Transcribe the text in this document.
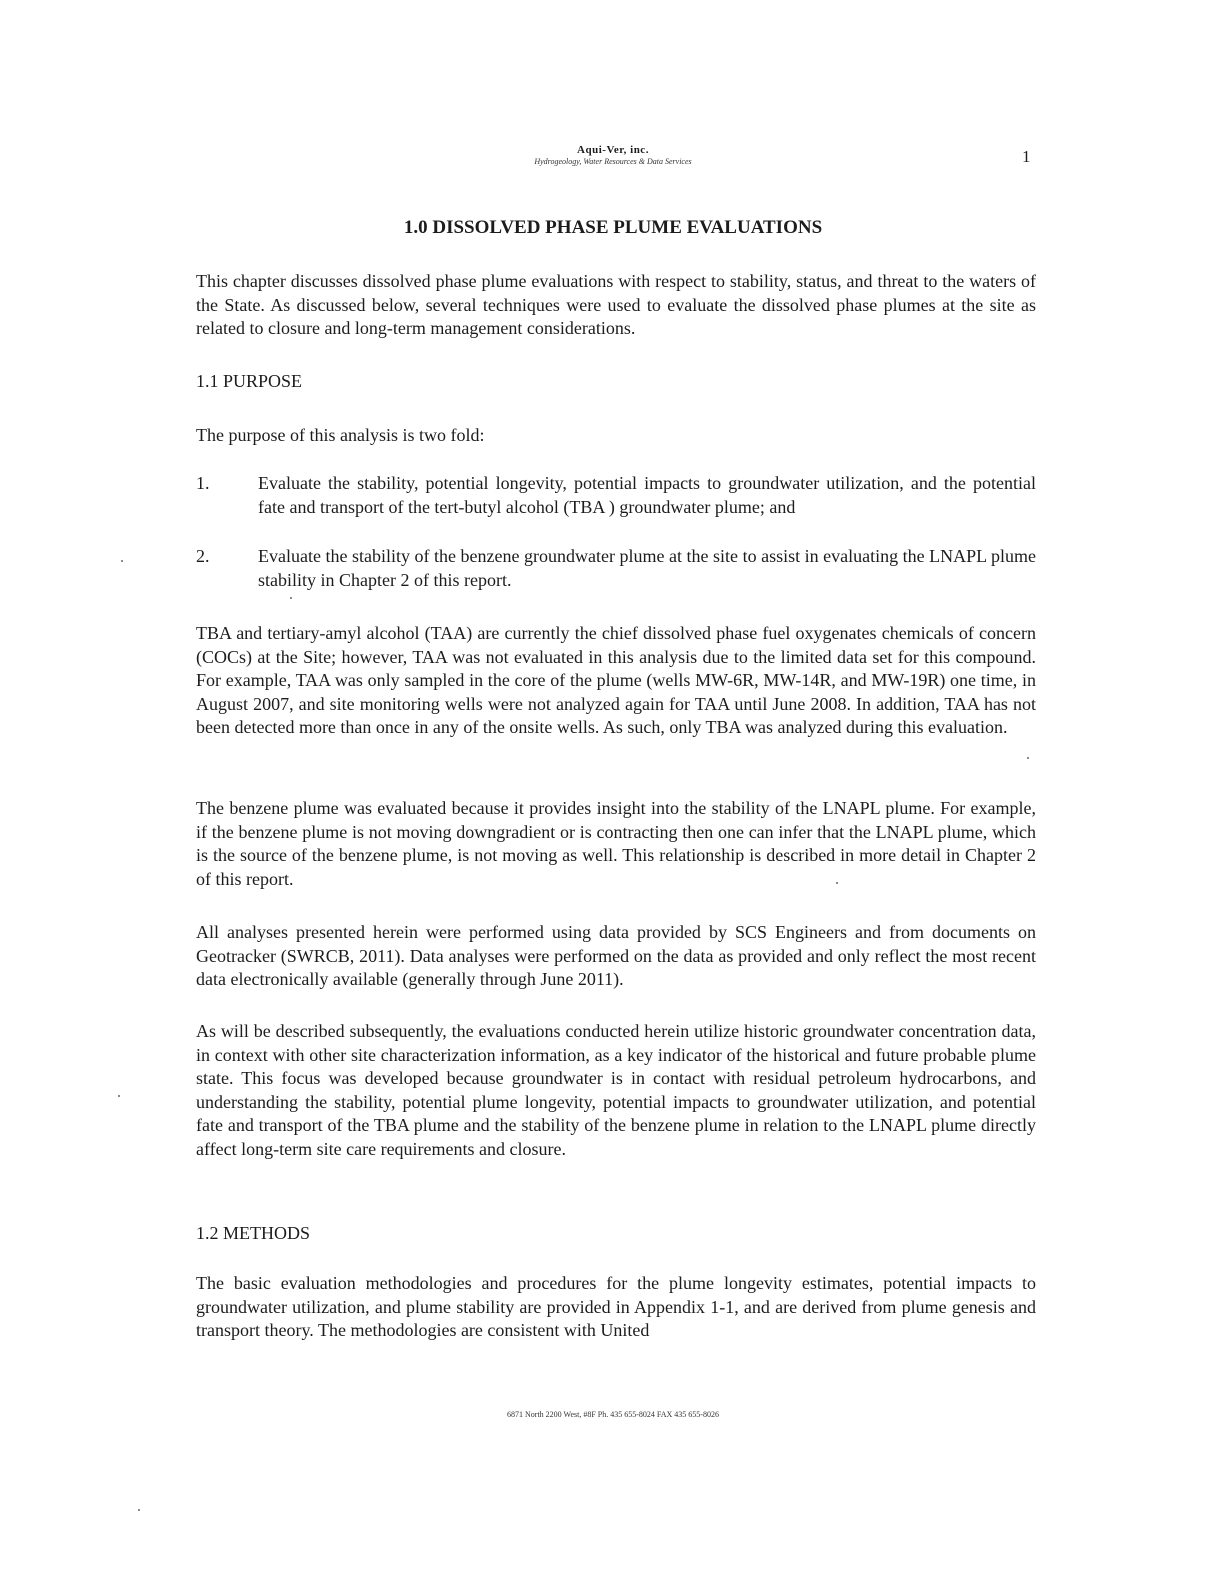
Aqui-Ver, inc.
Hydrogeology, Water Resources & Data Services	1
1.0 DISSOLVED PHASE PLUME EVALUATIONS

This chapter discusses dissolved phase plume evaluations with respect to stability, status, and threat to the waters of the State. As discussed below, several techniques were used to evaluate the dissolved phase plumes at the site as related to closure and long-term management considerations.

1.1 PURPOSE

The purpose of this analysis is two fold:

1.	Evaluate the stability, potential longevity, potential impacts to groundwater utilization, and the potential fate and transport of the tert-butyl alcohol (TBA ) groundwater plume; and
2.	Evaluate the stability of the benzene groundwater plume at the site to assist in evaluating the LNAPL plume stability in Chapter 2 of this report.

TBA and tertiary-amyl alcohol (TAA) are currently the chief dissolved phase fuel oxygenates chemicals of concern (COCs) at the Site; however, TAA was not evaluated in this analysis due to the limited data set for this compound. For example, TAA was only sampled in the core of the plume (wells MW-6R, MW-14R, and MW-19R) one time, in August 2007, and site monitoring wells were not analyzed again for TAA until June 2008. In addition, TAA has not been detected more than once in any of the onsite wells. As such, only TBA was analyzed during this evaluation.

The benzene plume was evaluated because it provides insight into the stability of the LNAPL plume. For example, if the benzene plume is not moving downgradient or is contracting then one can infer that the LNAPL plume, which is the source of the benzene plume, is not moving as well. This relationship is described in more detail in Chapter 2 of this report.

All analyses presented herein were performed using data provided by SCS Engineers and from documents on Geotracker (SWRCB, 2011). Data analyses were performed on the data as provided and only reflect the most recent data electronically available (generally through June 2011).

As will be described subsequently, the evaluations conducted herein utilize historic groundwater concentration data, in context with other site characterization information, as a key indicator of the historical and future probable plume state. This focus was developed because groundwater is in contact with residual petroleum hydrocarbons, and understanding the stability, potential plume longevity, potential impacts to groundwater utilization, and potential fate and transport of the TBA plume and the stability of the benzene plume in relation to the LNAPL plume directly affect long-term site care requirements and closure.

1.2 METHODS

The basic evaluation methodologies and procedures for the plume longevity estimates, potential impacts to groundwater utilization, and plume stability are provided in Appendix 1-1, and are derived from plume genesis and transport theory. The methodologies are consistent with United

6871 North 2200 West, #8F Ph. 435 655-8024 FAX 435 655-8026
